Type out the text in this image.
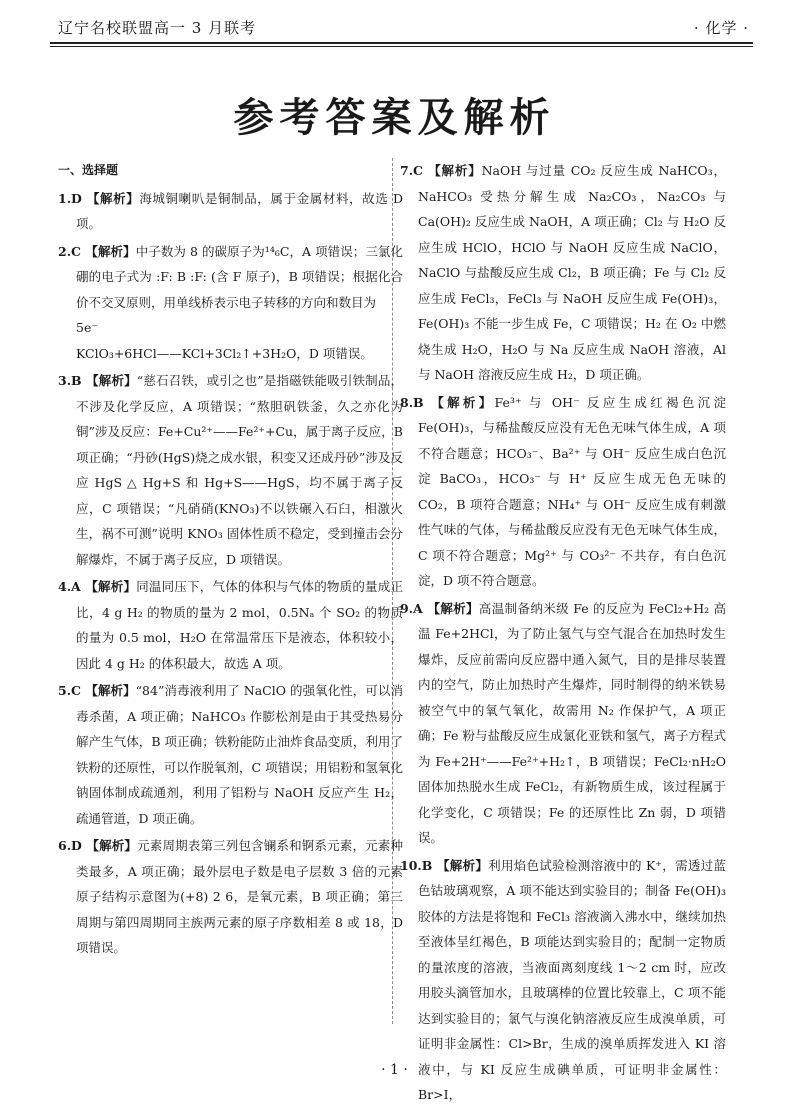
辽宁名校联盟高一 3 月联考	· 化学 ·
参考答案及解析
一、选择题
1.D 【解析】海城铜喇叭是铜制品，属于金属材料，故选 D 项。
2.C 【解析】中子数为 8 的碳原子为¹⁴₆C，A 项错误；三氯化硼的电子式为 :F: B :F: (含 F 原子)，B 项错误；根据化合价不交叉原则，用单线桥表示电子转移的方向和数目为
5e⁻
KClO₃+6HCl——KCl+3Cl₂↑+3H₂O，D 项错误。
3.B 【解析】“慈石召铁，或引之也”是指磁铁能吸引铁制品，不涉及化学反应，A 项错误；“熬胆矾铁釜，久之亦化为铜”涉及反应：Fe+Cu²⁺——Fe²⁺+Cu，属于离子反应，B 项正确；“丹砂(HgS)烧之成水银，积变又还成丹砂”涉及反应 HgS △ Hg+S 和 Hg+S——HgS，均不属于离子反应，C 项错误；“凡硝硝(KNO₃)不以铁碾入石臼，相激火生，祸不可测”说明 KNO₃ 固体性质不稳定，受到撞击会分解爆炸，不属于离子反应，D 项错误。
4.A 【解析】同温同压下，气体的体积与气体的物质的量成正比，4 g H₂ 的物质的量为 2 mol，0.5Nₐ 个 SO₂ 的物质的量为 0.5 mol，H₂O 在常温常压下是液态，体积较小，因此 4 g H₂ 的体积最大，故选 A 项。
5.C 【解析】“84”消毒液利用了 NaClO 的强氧化性，可以消毒杀菌，A 项正确；NaHCO₃ 作膨松剂是由于其受热易分解产生气体，B 项正确；铁粉能防止油炸食品变质，利用了铁粉的还原性，可以作脱氧剂，C 项错误；用铝粉和氢氧化钠固体制成疏通剂，利用了铝粉与 NaOH 反应产生 H₂，疏通管道，D 项正确。
6.D 【解析】元素周期表第三列包含镧系和锕系元素，元素种类最多，A 项正确；最外层电子数是电子层数 3 倍的元素原子结构示意图为(+8) 2 6，是氧元素，B 项正确；第三周期与第四周期同主族两元素的原子序数相差 8 或 18，D 项错误。
7.C 【解析】NaOH 与过量 CO₂ 反应生成 NaHCO₃，NaHCO₃ 受热分解生成 Na₂CO₃，Na₂CO₃ 与 Ca(OH)₂ 反应生成 NaOH，A 项正确；Cl₂ 与 H₂O 反应生成 HClO，HClO 与 NaOH 反应生成 NaClO，NaClO 与盐酸反应生成 Cl₂，B 项正确；Fe 与 Cl₂ 反应生成 FeCl₃，FeCl₃ 与 NaOH 反应生成 Fe(OH)₃，Fe(OH)₃ 不能一步生成 Fe，C 项错误；H₂ 在 O₂ 中燃烧生成 H₂O，H₂O 与 Na 反应生成 NaOH 溶液，Al 与 NaOH 溶液反应生成 H₂，D 项正确。
8.B 【解析】Fe³⁺ 与 OH⁻ 反应生成红褐色沉淀 Fe(OH)₃，与稀盐酸反应没有无色无味气体生成，A 项不符合题意；HCO₃⁻、Ba²⁺ 与 OH⁻ 反应生成白色沉淀 BaCO₃，HCO₃⁻ 与 H⁺ 反应生成无色无味的 CO₂，B 项符合题意；NH₄⁺ 与 OH⁻ 反应生成有刺激性气味的气体，与稀盐酸反应没有无色无味气体生成，C 项不符合题意；Mg²⁺ 与 CO₃²⁻ 不共存，有白色沉淀，D 项不符合题意。
9.A 【解析】高温制备纳米级 Fe 的反应为 FeCl₂+H₂ 高温 Fe+2HCl，为了防止氢气与空气混合在加热时发生爆炸，反应前需向反应器中通入氮气，目的是排尽装置内的空气，防止加热时产生爆炸，同时制得的纳米铁易被空气中的氧气氧化，故需用 N₂ 作保护气，A 项正确；Fe 粉与盐酸反应生成氯化亚铁和氢气，离子方程式为 Fe+2H⁺——Fe²⁺+H₂↑，B 项错误；FeCl₂·nH₂O 固体加热脱水生成 FeCl₂，有新物质生成，该过程属于化学变化，C 项错误；Fe 的还原性比 Zn 弱，D 项错误。
10.B 【解析】利用焰色试验检测溶液中的 K⁺，需透过蓝色钴玻璃观察，A 项不能达到实验目的；制备 Fe(OH)₃ 胶体的方法是将饱和 FeCl₃ 溶液滴入沸水中，继续加热至液体呈红褐色，B 项能达到实验目的；配制一定物质的量浓度的溶液，当液面离刻度线 1～2 cm 时，应改用胶头滴管加水，且玻璃棒的位置比较靠上，C 项不能达到实验目的；氯气与溴化钠溶液反应生成溴单质，可证明非金属性：Cl>Br，生成的溴单质挥发进入 KI 溶液中，与 KI 反应生成碘单质，可证明非金属性：Br>I，
· 1 ·
